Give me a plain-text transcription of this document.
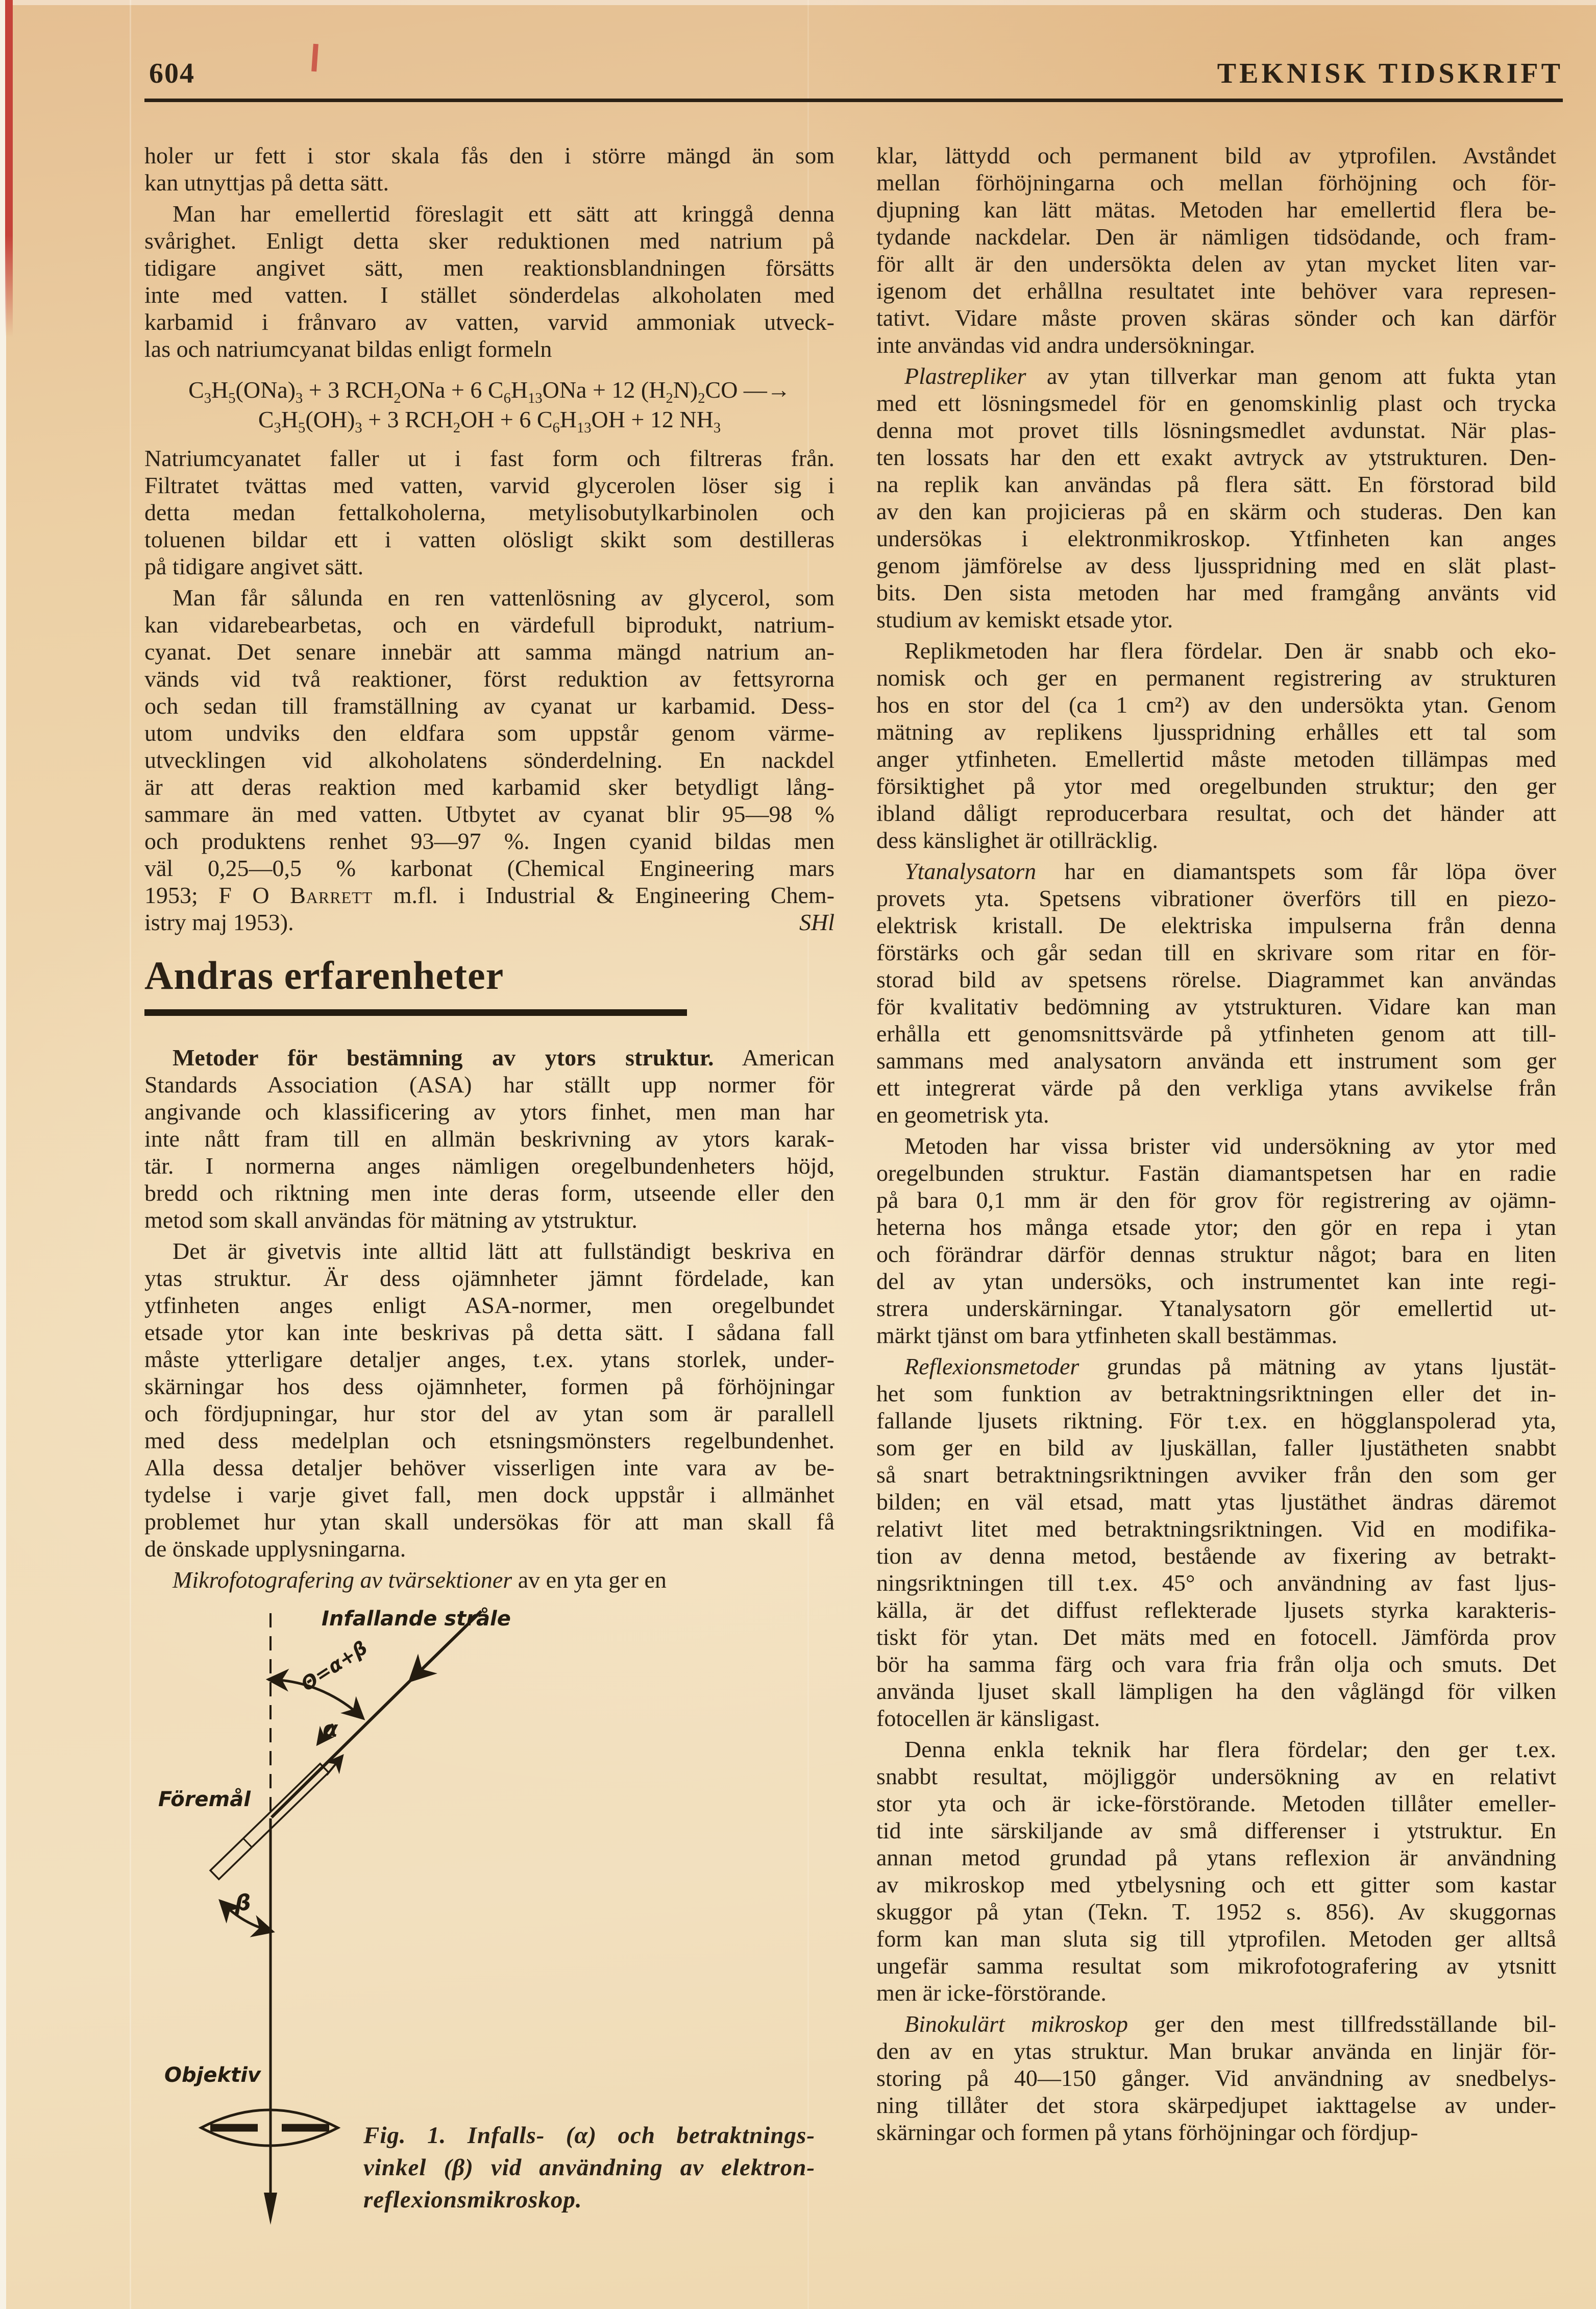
604	TEKNISK TIDSKRIFT
holer ur fett i stor skala fås den i större mängd än som
kan utnyttjas på detta sätt.
Man har emellertid föreslagit ett sätt att kringgå denna
svårighet. Enligt detta sker reduktionen med natrium på
tidigare angivet sätt, men reaktionsblandningen försätts
inte med vatten. I stället sönderdelas alkoholaten med
karbamid i frånvaro av vatten, varvid ammoniak utveck-
las och natriumcyanat bildas enligt formeln
$C_3H_5(ONa)_3 + 3$ $RCH_2ONa + 6$ $C_6H_{13}ONa + 12$ $(H_2N)_2CO$ —→
$C_3H_5(OH)_3 + 3$ $RCH_2OH + 6$ $C_6H_{13}OH + 12$ $NH_3$
Natriumcyanatet faller ut i fast form och filtreras från.
Filtratet tvättas med vatten, varvid glycerolen löser sig i
detta medan fettalkoholerna, metylisobutylkarbinolen och
toluenen bildar ett i vatten olösligt skikt som destilleras
på tidigare angivet sätt.
Man får sålunda en ren vattenlösning av glycerol, som
kan vidarebearbetas, och en värdefull biprodukt, natrium-
cyanat. Det senare innebär att samma mängd natrium an-
vänds vid två reaktioner, först reduktion av fettsyrorna
och sedan till framställning av cyanat ur karbamid. Dess-
utom undviks den eldfara som uppstår genom värme-
utvecklingen vid alkoholatens sönderdelning. En nackdel
är att deras reaktion med karbamid sker betydligt lång-
sammare än med vatten. Utbytet av cyanat blir 95—98 %
och produktens renhet 93—97 %. Ingen cyanid bildas men
väl 0,25—0,5 % karbonat (Chemical Engineering mars
1953; F O Barrett m.fl. i Industrial & Engineering Chem-
istry maj 1953).	SHl
Andras erfarenheter
Metoder för bestämning av ytors struktur. American
Standards Association (ASA) har ställt upp normer för
angivande och klassificering av ytors finhet, men man har
inte nått fram till en allmän beskrivning av ytors karak-
tär. I normerna anges nämligen oregelbundenheters höjd,
bredd och riktning men inte deras form, utseende eller den
metod som skall användas för mätning av ytstruktur.
Det är givetvis inte alltid lätt att fullständigt beskriva en
ytas struktur. Är dess ojämnheter jämnt fördelade, kan
ytfinheten anges enligt ASA-normer, men oregelbundet
etsade ytor kan inte beskrivas på detta sätt. I sådana fall
måste ytterligare detaljer anges, t.ex. ytans storlek, under-
skärningar hos dess ojämnheter, formen på förhöjningar
och fördjupningar, hur stor del av ytan som är parallell
med dess medelplan och etsningsmönsters regelbundenhet.
Alla dessa detaljer behöver visserligen inte vara av be-
tydelse i varje givet fall, men dock uppstår i allmänhet
problemet hur ytan skall undersökas för att man skall få
de önskade upplysningarna.
Mikrofotografering av tvärsektioner av en yta ger en
klar, lättydd och permanent bild av ytprofilen. Avståndet
mellan förhöjningarna och mellan förhöjning och för-
djupning kan lätt mätas. Metoden har emellertid flera be-
tydande nackdelar. Den är nämligen tidsödande, och fram-
för allt är den undersökta delen av ytan mycket liten var-
igenom det erhållna resultatet inte behöver vara represen-
tativt. Vidare måste proven skäras sönder och kan därför
inte användas vid andra undersökningar.
Plastrepliker av ytan tillverkar man genom att fukta ytan
med ett lösningsmedel för en genomskinlig plast och trycka
denna mot provet tills lösningsmedlet avdunstat. När plas-
ten lossats har den ett exakt avtryck av ytstrukturen. Den-
na replik kan användas på flera sätt. En förstorad bild
av den kan projicieras på en skärm och studeras. Den kan
undersökas i elektronmikroskop. Ytfinheten kan anges
genom jämförelse av dess ljusspridning med en slät plast-
bits. Den sista metoden har med framgång använts vid
studium av kemiskt etsade ytor.
Replikmetoden har flera fördelar. Den är snabb och eko-
nomisk och ger en permanent registrering av strukturen
hos en stor del (ca 1 cm²) av den undersökta ytan. Genom
mätning av replikens ljusspridning erhålles ett tal som
anger ytfinheten. Emellertid måste metoden tillämpas med
försiktighet på ytor med oregelbunden struktur; den ger
ibland dåligt reproducerbara resultat, och det händer att
dess känslighet är otillräcklig.
Ytanalysatorn har en diamantspets som får löpa över
provets yta. Spetsens vibrationer överförs till en piezo-
elektrisk kristall. De elektriska impulserna från denna
förstärks och går sedan till en skrivare som ritar en för-
storad bild av spetsens rörelse. Diagrammet kan användas
för kvalitativ bedömning av ytstrukturen. Vidare kan man
erhålla ett genomsnittsvärde på ytfinheten genom att till-
sammans med analysatorn använda ett instrument som ger
ett integrerat värde på den verkliga ytans avvikelse från
en geometrisk yta.
Metoden har vissa brister vid undersökning av ytor med
oregelbunden struktur. Fastän diamantspetsen har en radie
på bara 0,1 mm är den för grov för registrering av ojämn-
heterna hos många etsade ytor; den gör en repa i ytan
och förändrar därför dennas struktur något; bara en liten
del av ytan undersöks, och instrumentet kan inte regi-
strera underskärningar. Ytanalysatorn gör emellertid ut-
märkt tjänst om bara ytfinheten skall bestämmas.
Reflexionsmetoder grundas på mätning av ytans ljustät-
het som funktion av betraktningsriktningen eller det in-
fallande ljusets riktning. För t.ex. en högglanspolerad yta,
som ger en bild av ljuskällan, faller ljustätheten snabbt
så snart betraktningsriktningen avviker från den som ger
bilden; en väl etsad, matt ytas ljustäthet ändras däremot
relativt litet med betraktningsriktningen. Vid en modifika-
tion av denna metod, bestående av fixering av betrakt-
ningsriktningen till t.ex. 45° och användning av fast ljus-
källa, är det diffust reflekterade ljusets styrka karakteris-
tiskt för ytan. Det mäts med en fotocell. Jämförda prov
bör ha samma färg och vara fria från olja och smuts. Det
använda ljuset skall lämpligen ha den våglängd för vilken
fotocellen är känsligast.
Denna enkla teknik har flera fördelar; den ger t.ex.
snabbt resultat, möjliggör undersökning av en relativt
stor yta och är icke-förstörande. Metoden tillåter emeller-
tid inte särskiljande av små differenser i ytstruktur. En
annan metod grundad på ytans reflexion är användning
av mikroskop med ytbelysning och ett gitter som kastar
skuggor på ytan (Tekn. T. 1952 s. 856). Av skuggornas
form kan man sluta sig till ytprofilen. Metoden ger alltså
ungefär samma resultat som mikrofotografering av ytsnitt
men är icke-förstörande.
Binokulärt mikroskop ger den mest tillfredsställande bil-
den av en ytas struktur. Man brukar använda en linjär för-
storing på 40—150 gånger. Vid användning av snedbelys-
ning tillåter det stora skärpedjupet iakttagelse av under-
skärningar och formen på ytans förhöjningar och fördjup-
Infallande stråle
Θ=α+β
α
Föremål
β
Objektiv
Fig. 1. Infalls- (α) och betraktnings-
vinkel (β) vid användning av elektron-
reflexionsmikroskop.
